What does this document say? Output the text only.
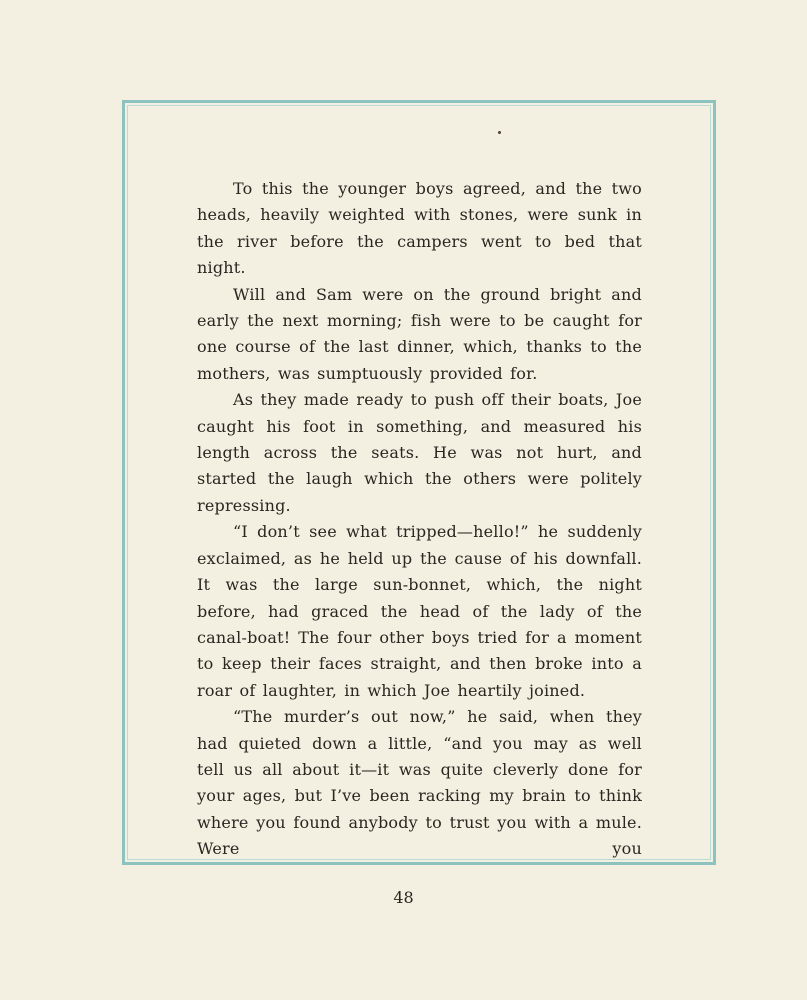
To this the younger boys agreed, and the two heads, heavily weighted with stones, were sunk in the river before the campers went to bed that night.

Will and Sam were on the ground bright and early the next morning; fish were to be caught for one course of the last dinner, which, thanks to the mothers, was sumptuously provided for.

As they made ready to push off their boats, Joe caught his foot in something, and measured his length across the seats. He was not hurt, and started the laugh which the others were politely repressing.

“I don’t see what tripped—hello!” he suddenly exclaimed, as he held up the cause of his downfall. It was the large sun-bonnet, which, the night before, had graced the head of the lady of the canal-boat! The four other boys tried for a moment to keep their faces straight, and then broke into a roar of laughter, in which Joe heartily joined.

“The murder’s out now,” he said, when they had quieted down a little, “and you may as well tell us all about it—it was quite cleverly done for your ages, but I’ve been racking my brain to think where you found anybody to trust you with a mule. Were you

48
